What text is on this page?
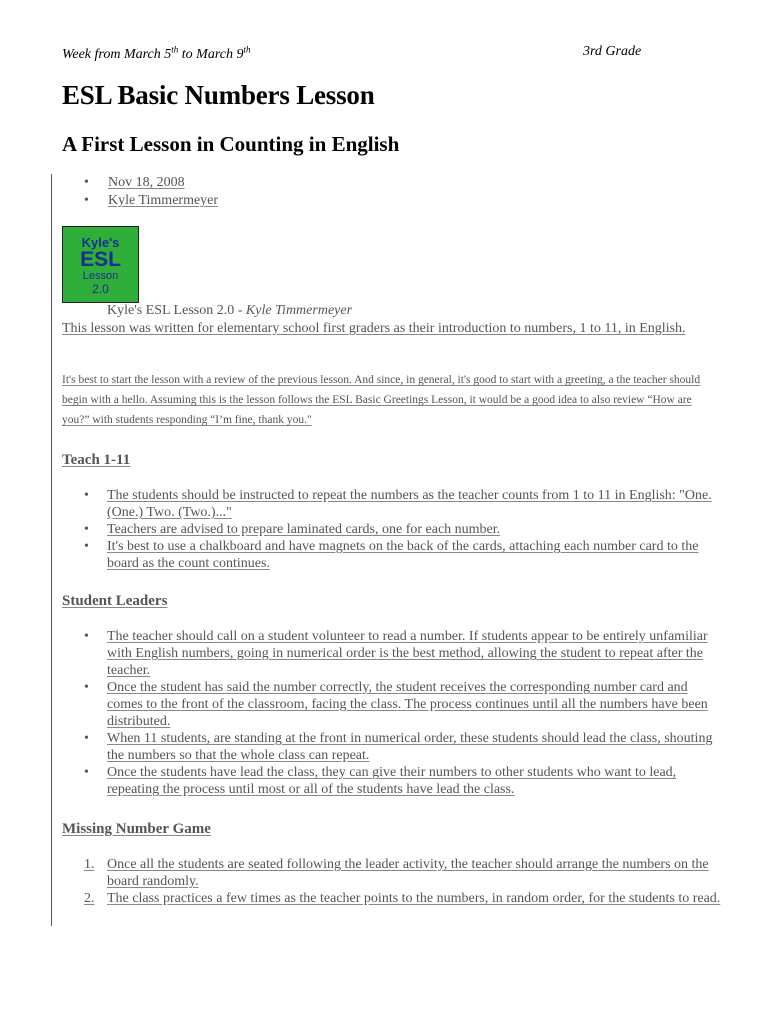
Week from March 5th to March 9th	3rd Grade
ESL Basic Numbers Lesson
A First Lesson in Counting in English
• Nov 18, 2008
• Kyle Timmermeyer
Kyle's
ESL
Lesson
2.0
Kyle's ESL Lesson 2.0 - Kyle Timmermeyer
This lesson was written for elementary school first graders as their introduction to numbers, 1 to 11, in English.
It's best to start the lesson with a review of the previous lesson. And since, in general, it's good to start with a greeting, a the teacher should begin with a hello. Assuming this is the lesson follows the ESL Basic Greetings Lesson, it would be a good idea to also review “How are you?” with students responding “I’m fine, thank you."
Teach 1-11
•	The students should be instructed to repeat the numbers as the teacher counts from 1 to 11 in English: "One. (One.) Two. (Two.)..."
•	Teachers are advised to prepare laminated cards, one for each number.
•	It's best to use a chalkboard and have magnets on the back of the cards, attaching each number card to the board as the count continues.
Student Leaders
•	The teacher should call on a student volunteer to read a number. If students appear to be entirely unfamiliar with English numbers, going in numerical order is the best method, allowing the student to repeat after the teacher.
•	Once the student has said the number correctly, the student receives the corresponding number card and comes to the front of the classroom, facing the class. The process continues until all the numbers have been distributed.
•	When 11 students, are standing at the front in numerical order, these students should lead the class, shouting the numbers so that the whole class can repeat.
•	Once the students have lead the class, they can give their numbers to other students who want to lead, repeating the process until most or all of the students have lead the class.
Missing Number Game
1. Once all the students are seated following the leader activity, the teacher should arrange the numbers on the board randomly.
2. The class practices a few times as the teacher points to the numbers, in random order, for the students to read.
